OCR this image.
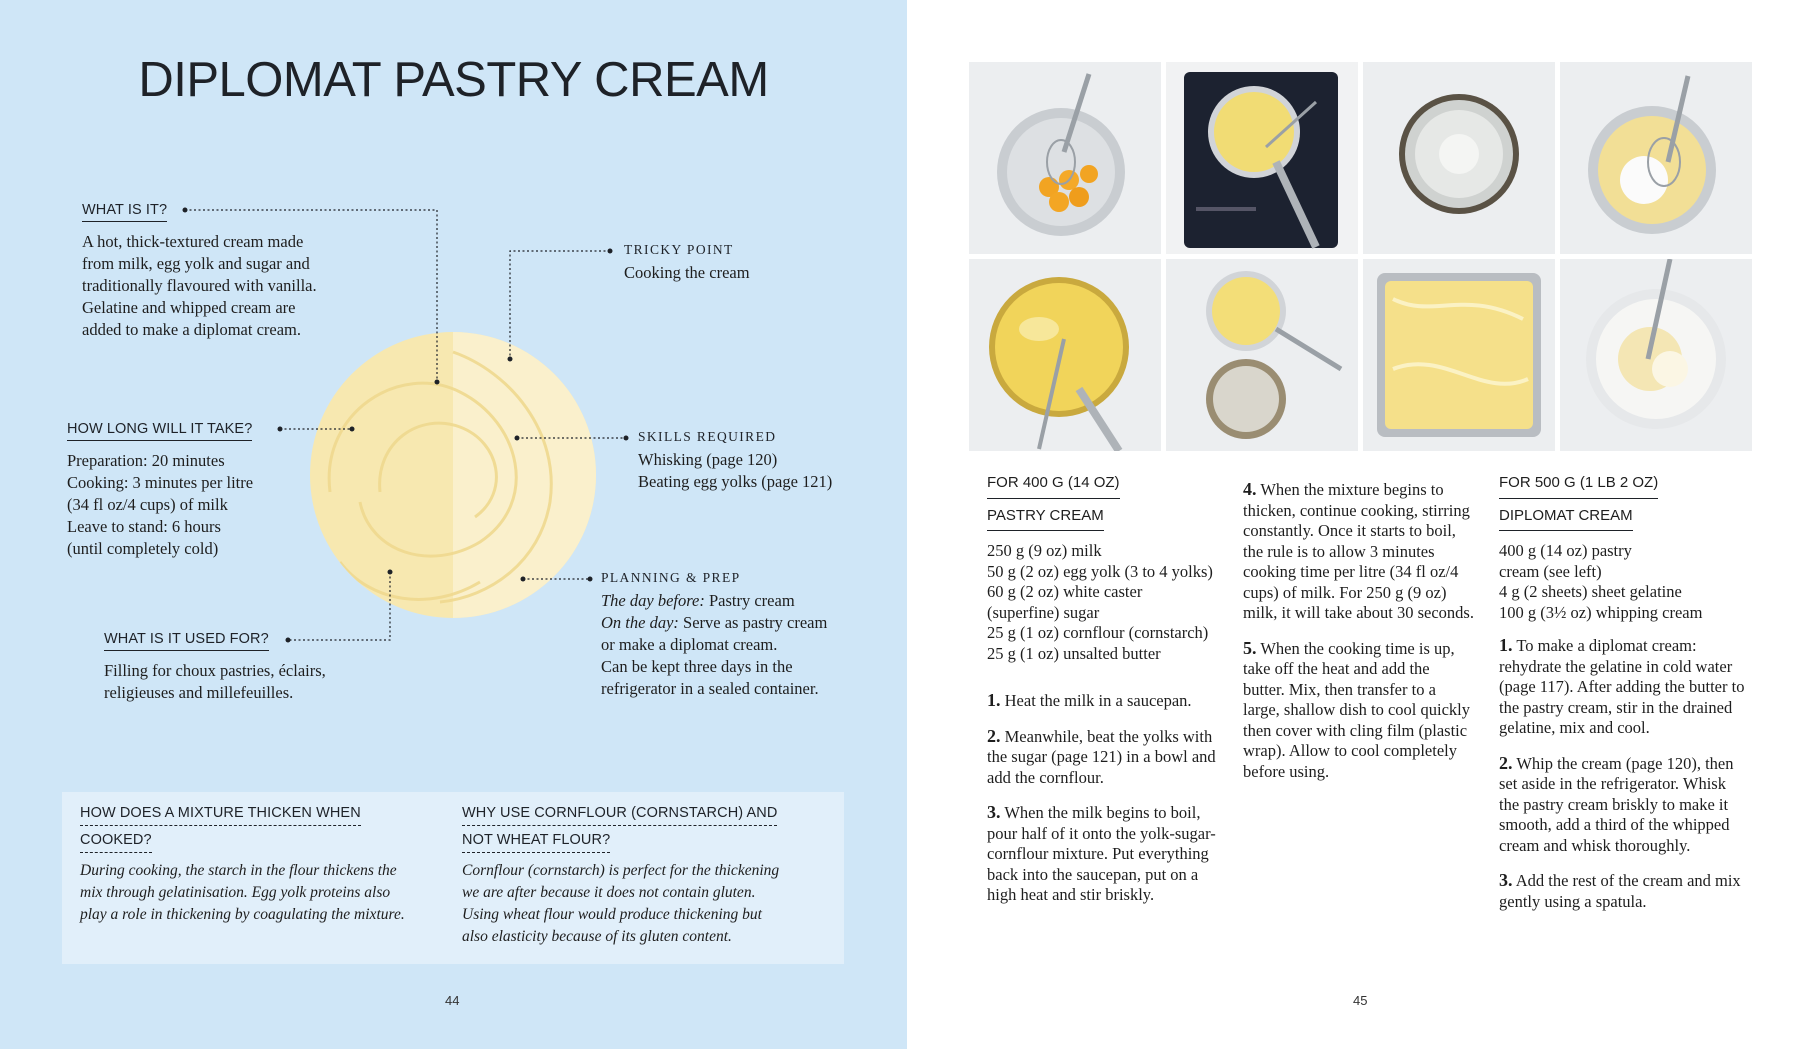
DIPLOMAT PASTRY CREAM
WHAT IS IT?
A hot, thick-textured cream made
from milk, egg yolk and sugar and
traditionally flavoured with vanilla.
Gelatine and whipped cream are
added to make a diplomat cream.
TRICKY POINT
Cooking the cream
HOW LONG WILL IT TAKE?
Preparation: 20 minutes
Cooking: 3 minutes per litre
(34 fl oz/4 cups) of milk
Leave to stand: 6 hours
(until completely cold)
SKILLS REQUIRED
Whisking (page 120)
Beating egg yolks (page 121)
PLANNING & PREP
The day before: Pastry cream
On the day: Serve as pastry cream
or make a diplomat cream.
Can be kept three days in the
refrigerator in a sealed container.
WHAT IS IT USED FOR?
Filling for choux pastries, éclairs,
religieuses and millefeuilles.
HOW DOES A MIXTURE THICKEN WHEN
COOKED?
During cooking, the starch in the flour thickens the
mix through gelatinisation. Egg yolk proteins also
play a role in thickening by coagulating the mixture.
WHY USE CORNFLOUR (CORNSTARCH) AND
NOT WHEAT FLOUR?
Cornflour (cornstarch) is perfect for the thickening
we are after because it does not contain gluten.
Using wheat flour would produce thickening but
also elasticity because of its gluten content.
44
FOR 400 G (14 OZ)
PASTRY CREAM
250 g (9 oz) milk
50 g (2 oz) egg yolk (3 to 4 yolks)
60 g (2 oz) white caster
(superfine) sugar
25 g (1 oz) cornflour (cornstarch)
25 g (1 oz) unsalted butter

1. Heat the milk in a saucepan.

2. Meanwhile, beat the yolks with the sugar (page 121) in a bowl and add the cornflour.

3. When the milk begins to boil, pour half of it onto the yolk-sugar-cornflour mixture. Put everything back into the saucepan, put on a high heat and stir briskly.

4. When the mixture begins to thicken, continue cooking, stirring constantly. Once it starts to boil, the rule is to allow 3 minutes cooking time per litre (34 fl oz/4 cups) of milk. For 250 g (9 oz) milk, it will take about 30 seconds.

5. When the cooking time is up, take off the heat and add the butter. Mix, then transfer to a large, shallow dish to cool quickly then cover with cling film (plastic wrap). Allow to cool completely before using.

FOR 500 G (1 LB 2 OZ)
DIPLOMAT CREAM
400 g (14 oz) pastry
cream (see left)
4 g (2 sheets) sheet gelatine
100 g (3½ oz) whipping cream

1. To make a diplomat cream: rehydrate the gelatine in cold water (page 117). After adding the butter to the pastry cream, stir in the drained gelatine, mix and cool.

2. Whip the cream (page 120), then set aside in the refrigerator. Whisk the pastry cream briskly to make it smooth, add a third of the whipped cream and whisk thoroughly.

3. Add the rest of the cream and mix gently using a spatula.

45
